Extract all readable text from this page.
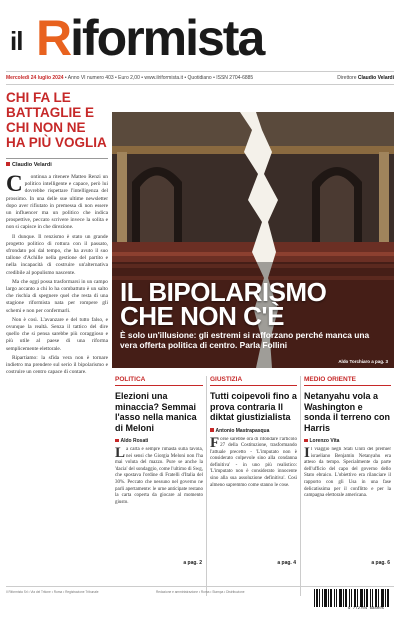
il Riformista
Mercoledì 24 luglio 2024 • Anno VI numero 403 • Euro 2,00 • www.ilriformista.it • Quotidiano • ISSN 2704-6885	Direttore Claudio Velardi
CHI FA LE BATTAGLIE E CHI NON NE HA PIÙ VOGLIA
Claudio Velardi
C	ontinua a ritenere Matteo Renzi un politico intelligente e capace, però lui dovrebbe rispettare l'intelligenza del prossimo. In una delle sue ultime newsletter dopo aver rifiutato in premessa di non essere un influencer ma un politico che indica prospettive, peccato scrivere invece la solita e non si capisce in che direzione.

Il dunque. Il renzismo è stato un grande progetto politico di rottura con il passato, sfrondato poi dal tempo, che ha avuto il suo tallone d'Achille nella gestione del partito e nella incapacità di costruire un'alternativa credibile al populismo nascente.

Ma che oggi possa trasformarsi in un campo largo accanto a chi lo ha combattuto è un salto che rischia di spegnere quel che resta di una stagione riformista nata per rompere gli schemi e non per confermarli.

Non è così. L'avanzare e del tutto falso, e ovunque la realtà. Senza il tattico del dire quello che si pensa sarebbe più coraggioso e più utile al paese di una riforma semplicemente elettorale.

Ripartiamo: la sfida vera non è tornare indietro ma prendere sul serio il bipolarismo e costruire un centro capace di contare.

IL BIPOLARISMO
CHE NON C'È

È solo un'illusione: gli estremi si rafforzano perché manca una vera offerta politica di centro. Parla Follini

Aldo Torchiaro a pag. 3
POLITICA
Elezioni una minaccia? Semmai l'asso nella manica di Meloni
Aldo Rosati
La carta è sempre rimasta sulla tavola, nei sensi che Giorgia Meloni non l'ha mai voluta del mazzo. Pure se anche la 'dacia' del sondaggio, come l'ultimo di Swg, che spostava l'ordine di Fratelli d'Italia del 30%. Peccato che nessuno nel governo ne parli apertamente: le urne anticipate restano la carta coperta da giocare al momento giusto.
a pag. 2
GIUSTIZIA
Tutti coipevoli fino a prova contraria Il diktat giustizialista
Antonio Mastrapasqua
Forse sarebbe ora di rifondare l'articolo 27 della Costituzione, trasformando l'attuale precetto - 'L'imputato non è considerato colpevole sino alla condanna definitiva' - in uno più realistico: 'L'imputato non è considerato innocente sino alla sua assoluzione definitiva'. Così almeno sapremmo come stanno le cose.
a pag. 4
MEDIO ORIENTE
Netanyahu vola a Washington e sonda il terreno con Harris
Lorenzo Vita
Il viaggio negli Stati Uniti del premier israeliano Benjamin Netanyahu era atteso da tempo. Specialmente da parte dell'ufficio del capo del governo dello Stato ebraico. L'obiettivo era rilanciare il rapporto con gli Usa in una fase delicatissima per il conflitto e per la campagna elettorale americana.
a pag. 6
Il Riformista Srl • Via del Tritone • Roma • Registrazione Tribunale	Redazione e amministrazione • Roma • Stampa • Distribuzione
9 772704 688005
